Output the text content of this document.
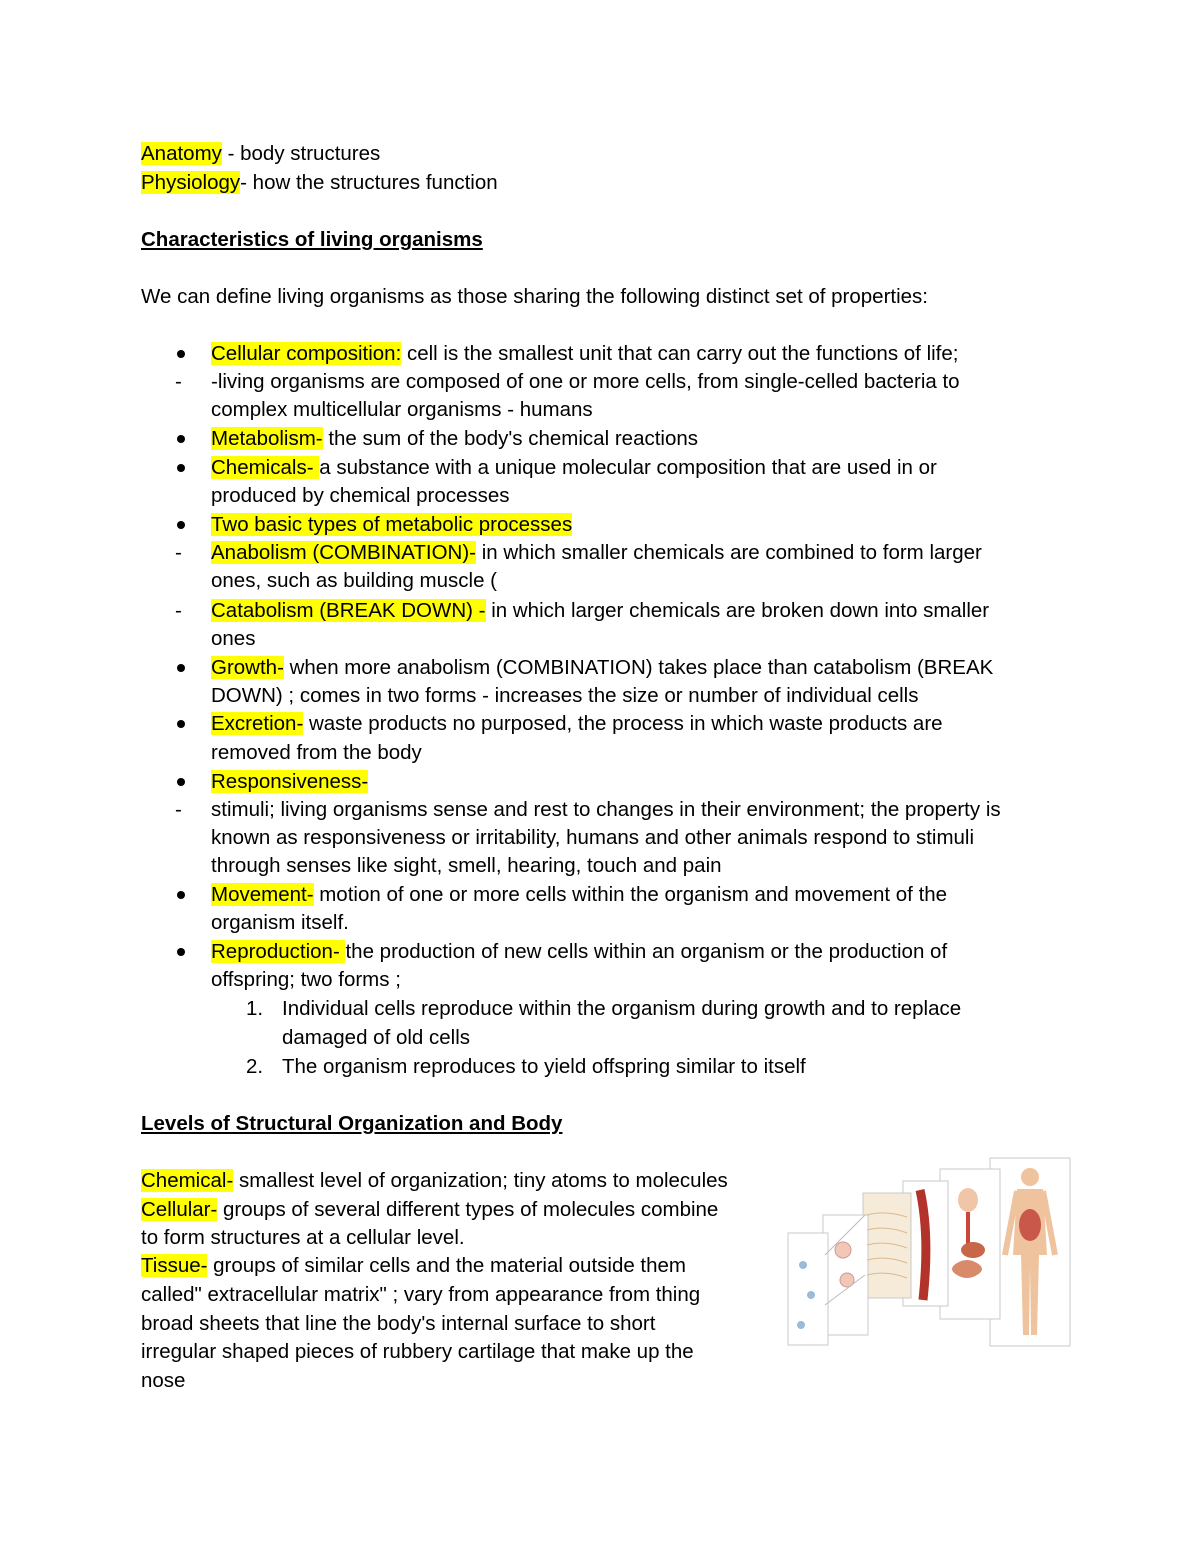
Anatomy - body structures
Physiology- how the structures function
Characteristics of living organisms
We can define living organisms as those sharing the following distinct set of properties:
Cellular composition: cell is the smallest unit that can carry out the functions of life;
- -living organisms are composed of one or more cells, from single-celled bacteria to
complex multicellular organisms - humans
Metabolism- the sum of the body's chemical reactions
Chemicals- a substance with a unique molecular composition that are used in or
produced by chemical processes
Two basic types of metabolic processes
- Anabolism (COMBINATION)- in which smaller chemicals are combined to form larger
ones, such as building muscle (
- Catabolism (BREAK DOWN) - in which larger chemicals are broken down into smaller
ones
Growth- when more anabolism (COMBINATION) takes place than catabolism (BREAK
DOWN) ; comes in two forms - increases the size or number of individual cells
Excretion- waste products no purposed, the process in which waste products are
removed from the body
Responsiveness-
- stimuli; living organisms sense and rest to changes in their environment; the property is
known as responsiveness or irritability, humans and other animals respond to stimuli
through senses like sight, smell, hearing, touch and pain
Movement- motion of one or more cells within the organism and movement of the
organism itself.
Reproduction- the production of new cells within an organism or the production of
offspring; two forms ;
1. Individual cells reproduce within the organism during growth and to replace
damaged of old cells
2. The organism reproduces to yield offspring similar to itself
Levels of Structural Organization and Body
Chemical- smallest level of organization; tiny atoms to molecules
Cellular- groups of several different types of molecules combine
to form structures at a cellular level.
Tissue- groups of similar cells and the material outside them
called" extracellular matrix" ; vary from appearance from thing
broad sheets that line the body's internal surface to short
irregular shaped pieces of rubbery cartilage that make up the
nose
